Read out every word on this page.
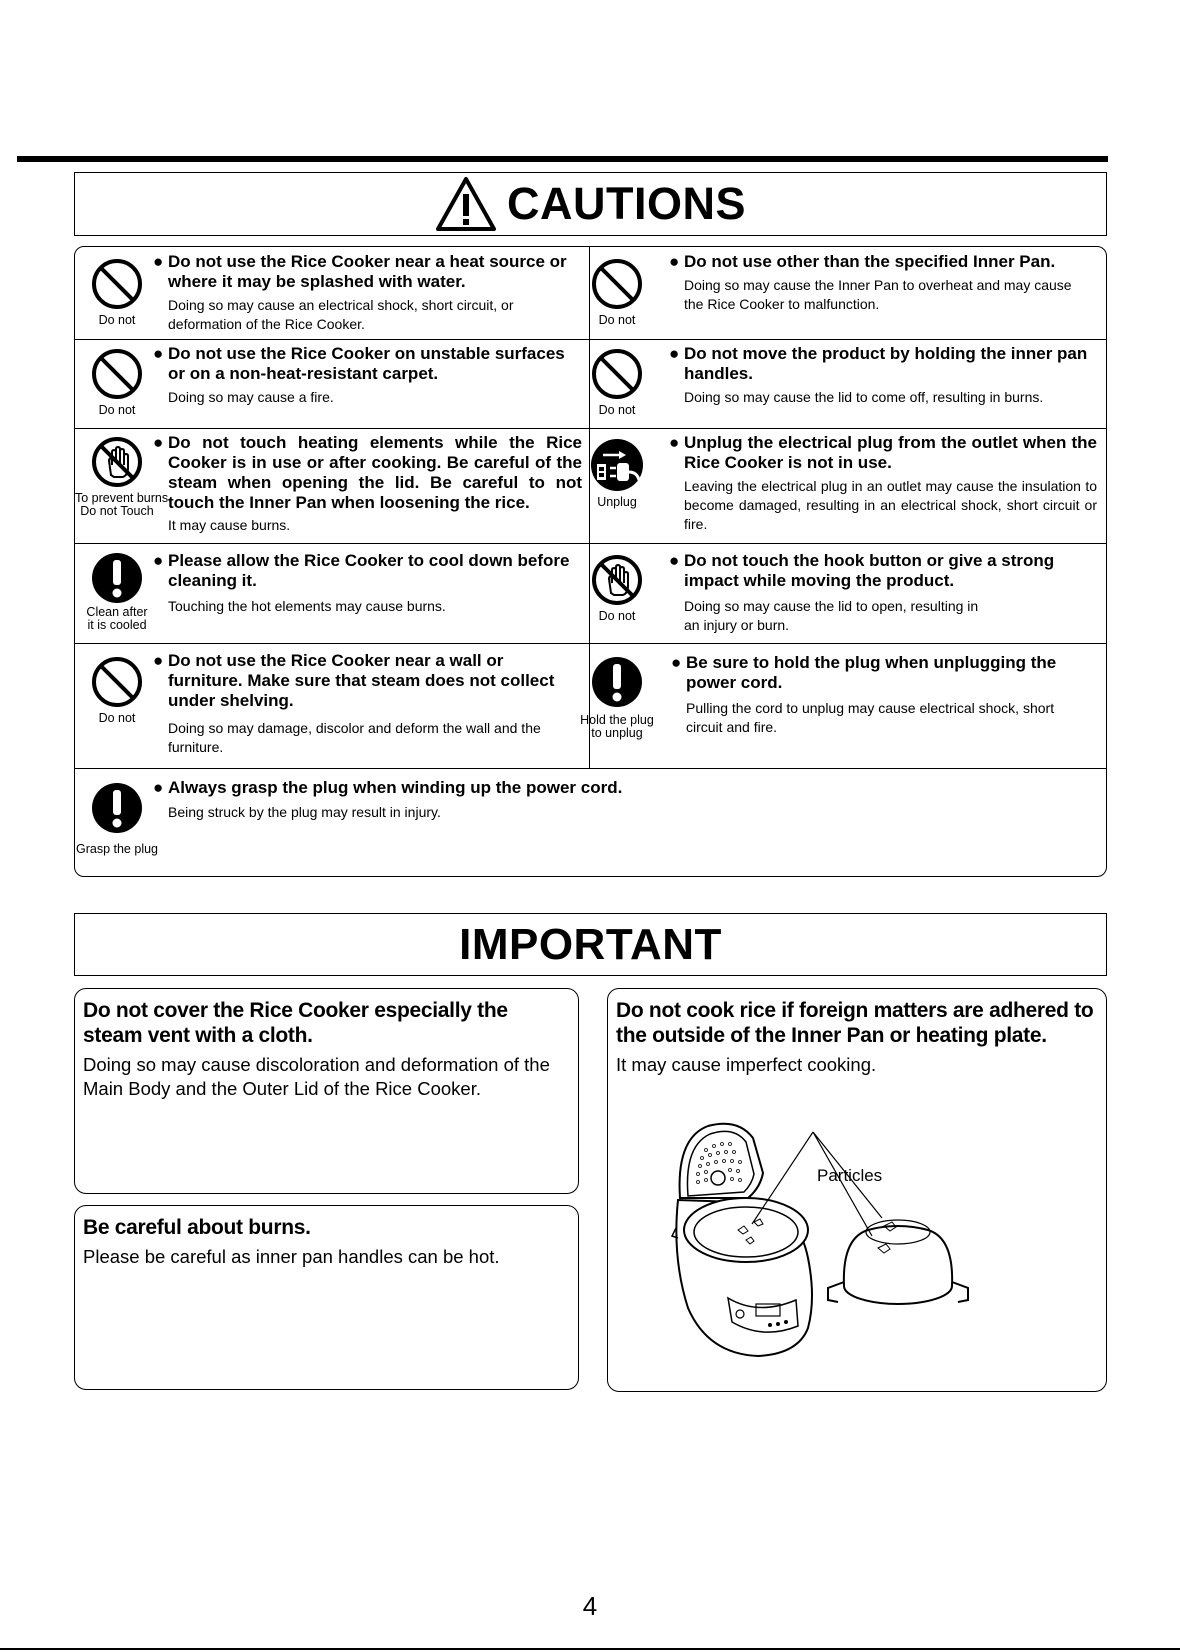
CAUTIONS
Do not

● Do not use the Rice Cooker near a heat source or where it may be splashed with water.

Doing so may cause an electrical shock, short circuit, or deformation of the Rice Cooker.	Do not

● Do not use other than the specified Inner Pan.

Doing so may cause the Inner Pan to overheat and may cause the Rice Cooker to malfunction.

Do not

● Do not use the Rice Cooker on unstable surfaces or on a non-heat-resistant carpet.

Doing so may cause a fire.

Do not

● Do not move the product by holding the inner pan handles.

Doing so may cause the lid to come off, resulting in burns.

To prevent burns.
Do not Touch

● Do not touch heating elements while the Rice Cooker is in use or after cooking. Be careful of the steam when opening the lid. Be careful to not touch the Inner Pan when loosening the rice.

It may cause burns.

Unplug

● Unplug the electrical plug from the outlet when the Rice Cooker is not in use.

Leaving the electrical plug in an outlet may cause the insulation to become damaged, resulting in an electrical shock, short circuit or fire.

Clean after
it is cooled

● Please allow the Rice Cooker to cool down before cleaning it.

Touching the hot elements may cause burns.

Do not

● Do not touch the hook button or give a strong impact while moving the product.

Doing so may cause the lid to open, resulting in an injury or burn.

Do not

● Do not use the Rice Cooker near a wall or furniture. Make sure that steam does not collect under shelving.

Doing so may damage, discolor and deform the wall and the furniture.

Hold the plug
to unplug

● Be sure to hold the plug when unplugging the power cord.

Pulling the cord to unplug may cause electrical shock, short circuit and fire.

Grasp the plug

● Always grasp the plug when winding up the power cord.

Being struck by the plug may result in injury.

IMPORTANT

Do not cover the Rice Cooker especially the steam vent with a cloth.

Doing so may cause discoloration and deformation of the Main Body and the Outer Lid of the Rice Cooker.

Be careful about burns.

Please be careful as inner pan handles can be hot.

Do not cook rice if foreign matters are adhered to the outside of the Inner Pan or heating plate.

It may cause imperfect cooking.

Particles
4
